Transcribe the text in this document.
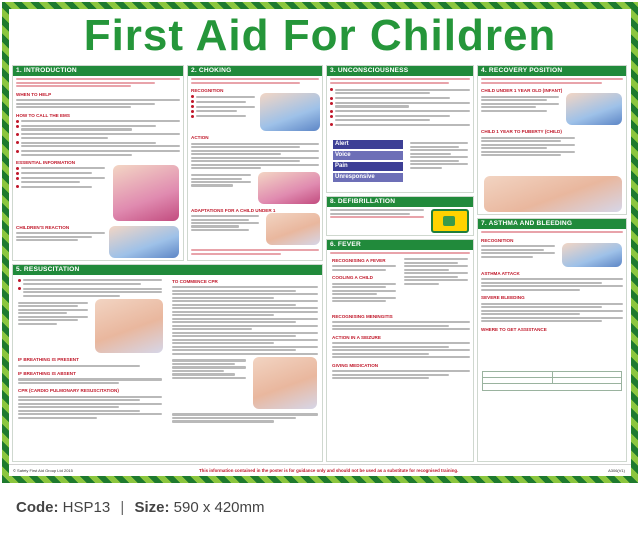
First Aid For Children
1. INTRODUCTION
WHEN TO HELP
HOW TO CALL THE EMS
ESSENTIAL INFORMATION
CHILDREN'S REACTION
5. RESUSCITATION
IF BREATHING IS PRESENT
IF BREATHING IS ABSENT
CPR (CARDIO PULMONARY RESUSCITATION)
TO COMMENCE CPR
2. CHOKING
RECOGNITION
ACTION
ADAPTATIONS FOR A CHILD UNDER 1
3. UNCONSCIOUSNESS
Alert
Voice
Pain
Unresponsive
8. DEFIBRILLATION
6. FEVER
RECOGNISING A FEVER
COOLING A CHILD
RECOGNISING MENINGITIS
ACTION IN A SEIZURE
GIVING MEDICATION
4. RECOVERY POSITION
CHILD UNDER 1 YEAR OLD (INFANT)
CHILD 1 YEAR TO PUBERTY (CHILD)
7. ASTHMA AND BLEEDING
RECOGNITION
ASTHMA ATTACK
SEVERE BLEEDING
WHERE TO GET ASSISTANCE
© Safety First Aid Group Ltd 2015	This information contained in the poster is for guidance only and should not be used as a substitute for recognised training.	A306(V1)
Code: HSP13 | Size: 590 x 420mm
